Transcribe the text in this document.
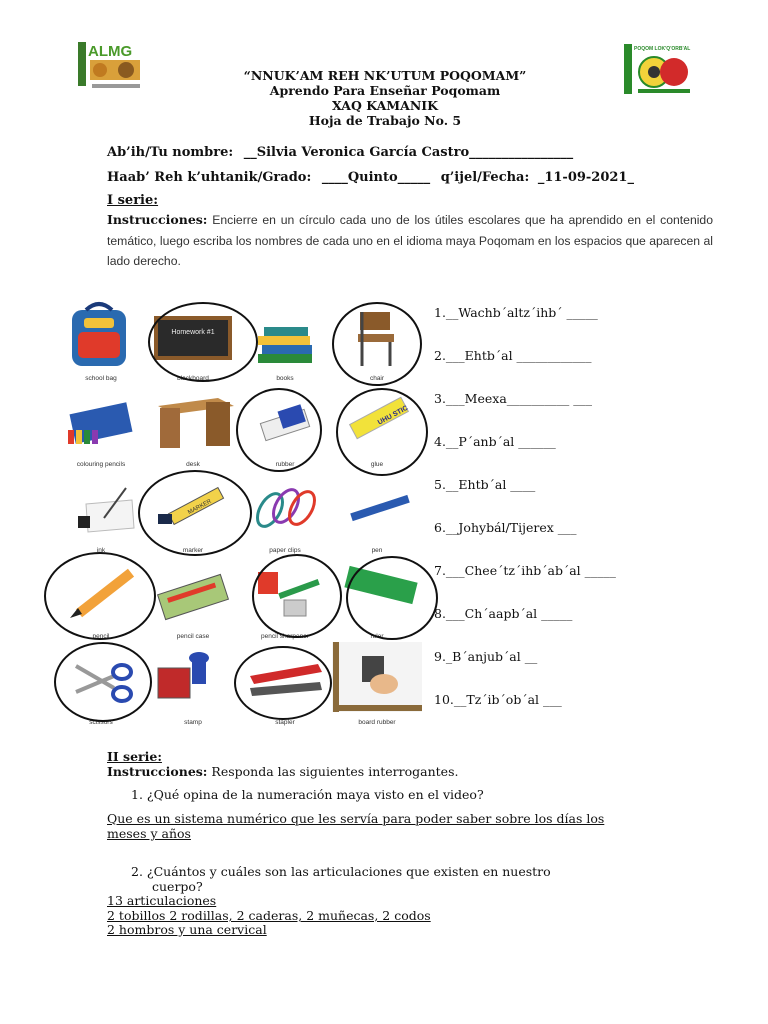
ALMG	POQOM LOK'Q'ORB'AL
“NNUK’AM REH NK’UTUM POQOMAM”
Aprendo Para Enseñar Poqomam
XAQ KAMANIK
Hoja de Trabajo No. 5
Ab’ih/Tu nombre: __Silvia Veronica García Castro________________
Haab’ Reh k’uhtanik/Grado: ____Quinto_____ q’ijel/Fecha: _11-09-2021_
I serie:
Instrucciones: Encierre en un círculo cada uno de los útiles escolares que ha aprendido en el contenido temático, luego escriba los nombres de cada uno en el idioma maya Poqomam en los espacios que aparecen al lado derecho.
school bag
Homework #1
blackboard	books	chair
colouring pencils	desk	rubber
UHU STIC
glue
ink
MARKER
marker	paper clips	pen
pencil	pencil case	pencil sharpener	ruler
scissors	stamp	stapler	board rubber
1.__Wachb´altz´ihb´ _____
2.___Ehtb´al ____________
3.___Meexa__________ ___
4.__P´anb´al ______
5.__Ehtb´al ____
6.__Johybál/Tijerex ___
7.___Chee´tz´ihb´ab´al _____
8.___Ch´aapb´al _____
9._B´anjub´al __
10.__Tz´ib´ob´al ___
II serie:
Instrucciones: Responda las siguientes interrogantes.
1. ¿Qué opina de la numeración maya visto en el video?
Que es un sistema numérico que les servía para poder saber sobre los días los
meses y años
2. ¿Cuántos y cuáles son las articulaciones que existen en nuestro
cuerpo?
13 articulaciones
2 tobillos 2 rodillas, 2 caderas, 2 muñecas, 2 codos
2 hombros y una cervical
